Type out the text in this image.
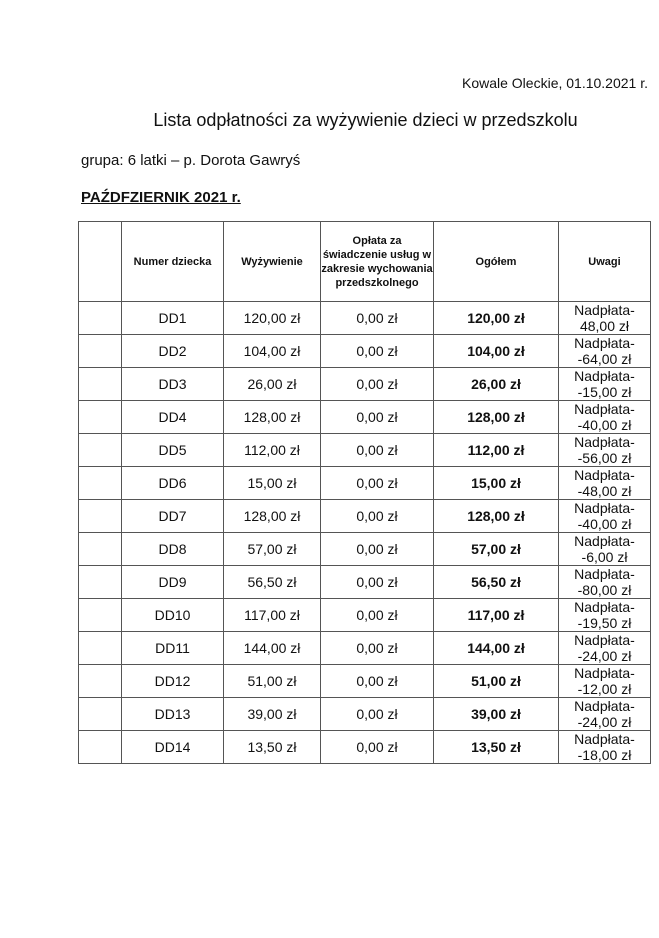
Kowale Oleckie, 01.10.2021 r.
Lista odpłatności za wyżywienie dzieci w przedszkolu
grupa: 6 latki – p. Dorota Gawryś
PAŹDFZIERNIK 2021 r.
	Numer dziecka	Wyżywienie	Opłata za świadczenie usług w zakresie wychowania przedszkolnego	Ogółem	Uwagi
	DD1	120,00 zł	0,00 zł	120,00 zł	Nadpłata-48,00 zł
	DD2	104,00 zł	0,00 zł	104,00 zł	Nadpłata--64,00 zł
	DD3	26,00 zł	0,00 zł	26,00 zł	Nadpłata--15,00 zł
	DD4	128,00 zł	0,00 zł	128,00 zł	Nadpłata--40,00 zł
	DD5	112,00 zł	0,00 zł	112,00 zł	Nadpłata--56,00 zł
	DD6	15,00 zł	0,00 zł	15,00 zł	Nadpłata--48,00 zł
	DD7	128,00 zł	0,00 zł	128,00 zł	Nadpłata--40,00 zł
	DD8	57,00 zł	0,00 zł	57,00 zł	Nadpłata--6,00 zł
	DD9	56,50 zł	0,00 zł	56,50 zł	Nadpłata--80,00 zł
	DD10	117,00 zł	0,00 zł	117,00 zł	Nadpłata--19,50 zł
	DD11	144,00 zł	0,00 zł	144,00 zł	Nadpłata--24,00 zł
	DD12	51,00 zł	0,00 zł	51,00 zł	Nadpłata--12,00 zł
	DD13	39,00 zł	0,00 zł	39,00 zł	Nadpłata--24,00 zł
	DD14	13,50 zł	0,00 zł	13,50 zł	Nadpłata--18,00 zł
